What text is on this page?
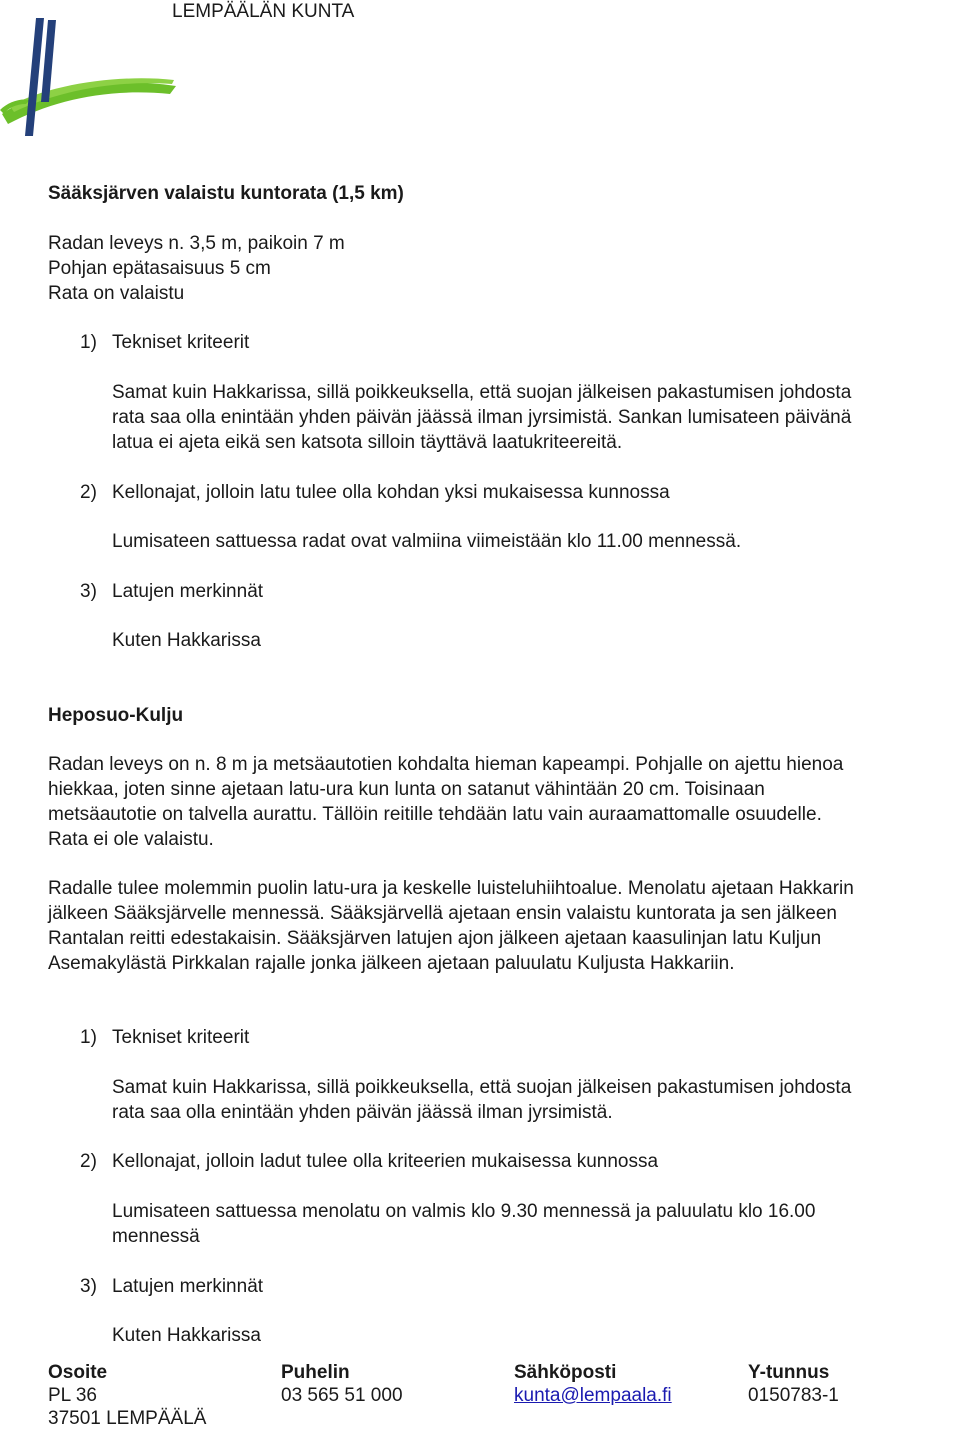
LEMPÄÄLÄN KUNTA
Sääksjärven valaistu kuntorata (1,5 km)
Radan leveys n. 3,5 m, paikoin 7 m
Pohjan epätasaisuus 5 cm
Rata on valaistu
1) Tekniset kriteerit
Samat kuin Hakkarissa, sillä poikkeuksella, että suojan jälkeisen pakastumisen johdosta
rata saa olla enintään yhden päivän jäässä ilman jyrsimistä. Sankan lumisateen päivänä
latua ei ajeta eikä sen katsota silloin täyttävä laatukriteereitä.
2) Kellonajat, jolloin latu tulee olla kohdan yksi mukaisessa kunnossa
Lumisateen sattuessa radat ovat valmiina viimeistään klo 11.00 mennessä.
3) Latujen merkinnät
Kuten Hakkarissa
Heposuo-Kulju
Radan leveys on n. 8 m ja metsäautotien kohdalta hieman kapeampi. Pohjalle on ajettu hienoa
hiekkaa, joten sinne ajetaan latu-ura kun lunta on satanut vähintään 20 cm. Toisinaan
metsäautotie on talvella aurattu. Tällöin reitille tehdään latu vain auraamattomalle osuudelle.
Rata ei ole valaistu.
Radalle tulee molemmin puolin latu-ura ja keskelle luisteluhiihtoalue. Menolatu ajetaan Hakkarin
jälkeen Sääksjärvelle mennessä. Sääksjärvellä ajetaan ensin valaistu kuntorata ja sen jälkeen
Rantalan reitti edestakaisin. Sääksjärven latujen ajon jälkeen ajetaan kaasulinjan latu Kuljun
Asemakylästä Pirkkalan rajalle jonka jälkeen ajetaan paluulatu Kuljusta Hakkariin.
1) Tekniset kriteerit
Samat kuin Hakkarissa, sillä poikkeuksella, että suojan jälkeisen pakastumisen johdosta
rata saa olla enintään yhden päivän jäässä ilman jyrsimistä.
2) Kellonajat, jolloin ladut tulee olla kriteerien mukaisessa kunnossa
Lumisateen sattuessa menolatu on valmis klo 9.30 mennessä ja paluulatu klo 16.00
mennessä
3) Latujen merkinnät
Kuten Hakkarissa
Osoite
PL 36
37501 LEMPÄÄLÄ
Puhelin
03 565 51 000
Sähköposti
kunta@lempaala.fi
Y-tunnus
0150783-1
